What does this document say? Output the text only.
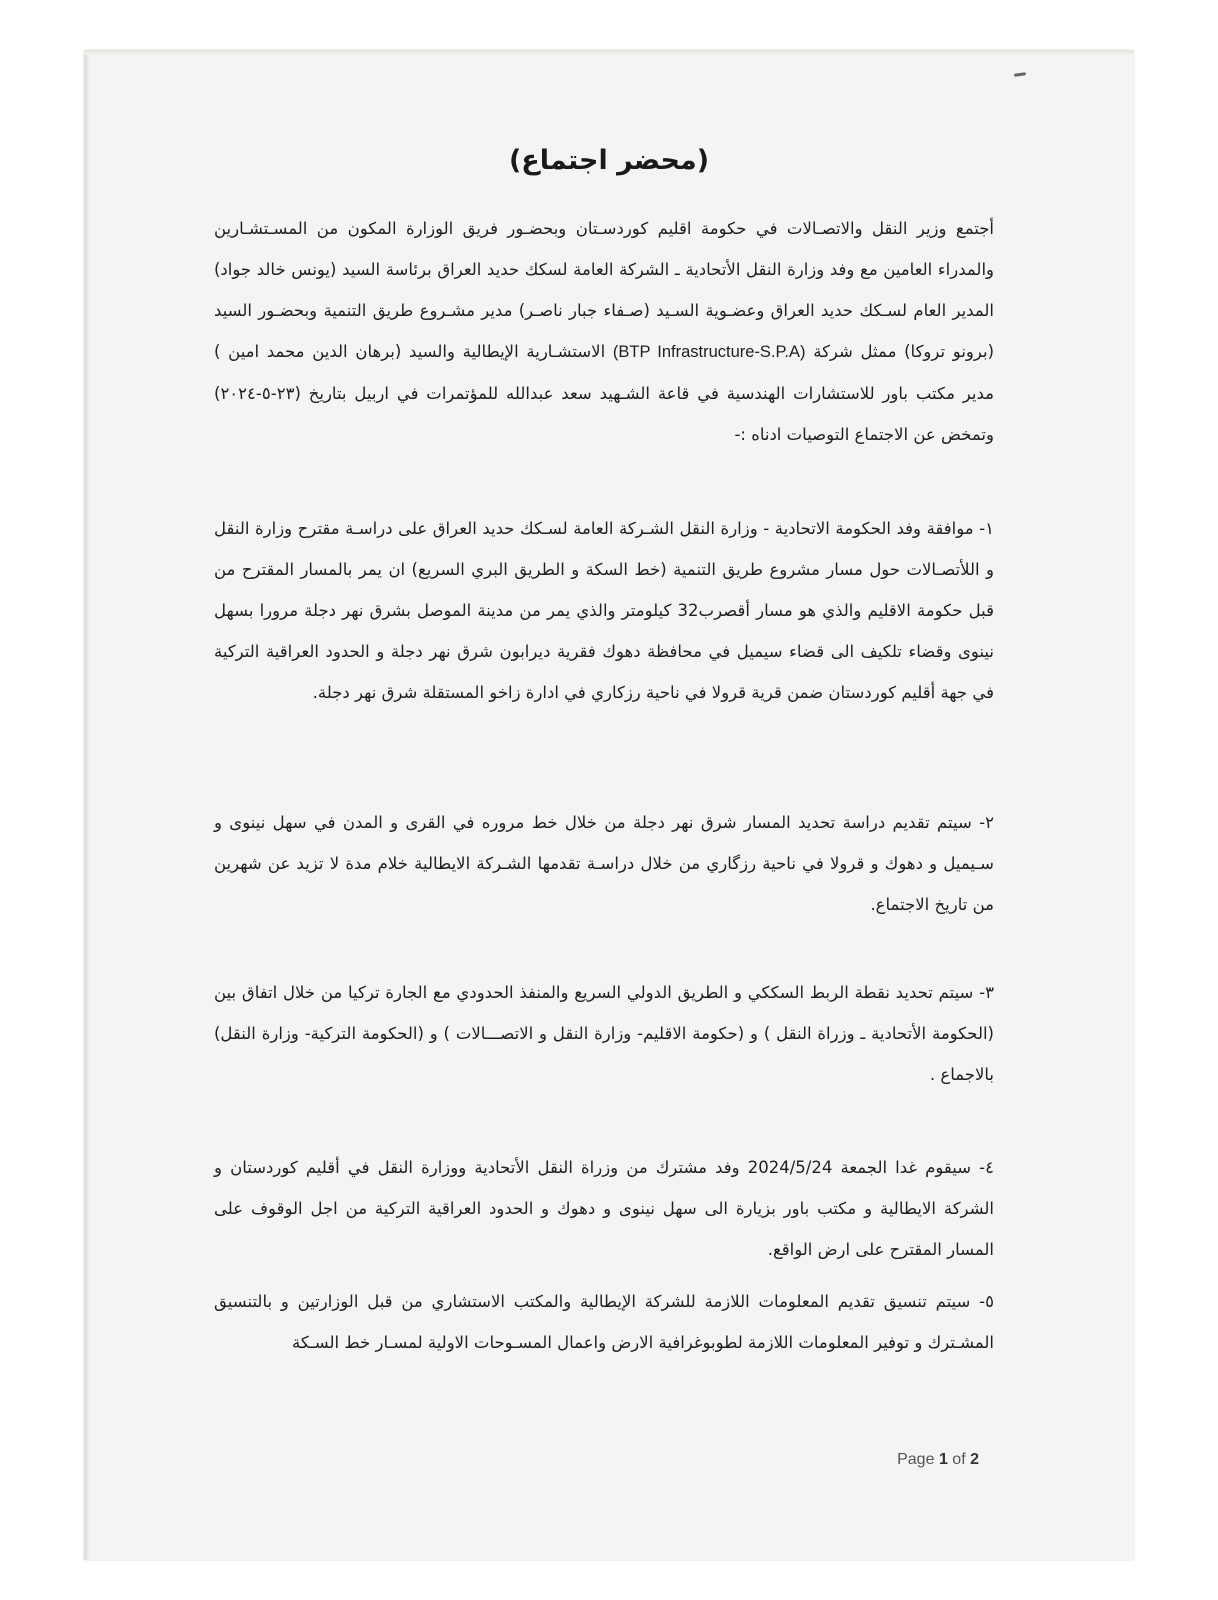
(محضر اجتماع)
أجتمع وزير النقل والاتصـالات في حكومة اقليم كوردسـتان وبحضـور فريق الوزارة المكون من المسـتشـارين والمدراء العامين مع وفد وزارة النقل الأتحادية ـ الشركة العامة لسكك حديد العراق برئاسة السيد (يونس خالد جواد) المدير العام لسـكك حديد العراق وعضـوية السـيد (صـفاء جبار ناصـر) مدير مشـروع طريق التنمية وبحضـور السيد (برونو تروكا) ممثل شركة (BTP Infrastructure-S.P.A) الاستشـارية الإيطالية والسيد (برهان الدين محمد امين ) مدير مكتب باور للاستشارات الهندسية في قاعة الشـهيد سعد عبدالله للمؤتمرات في اربيل بتاريخ (٢٣-٥-٢٠٢٤) وتمخض عن الاجتماع التوصيات ادناه :-
١- موافقة وفد الحكومة الاتحادية - وزارة النقل الشـركة العامة لسـكك حديد العراق على دراسـة مقترح وزارة النقل و اللأتصـالات حول مسار مشروع طريق التنمية (خط السكة و الطريق البري السريع) ان يمر بالمسار المقترح من قبل حكومة الاقليم والذي هو مسار أقصرب32 كيلومتر والذي يمر من مدينة الموصل بشرق نهر دجلة مرورا بسهل نينوى وقضاء تلكيف الى قضاء سيميل في محافظة دهوك فقرية ديرابون شرق نهر دجلة و الحدود العراقية التركية في جهة أقليم كوردستان ضمن قرية قرولا في ناحية رزكاري في ادارة زاخو المستقلة شرق نهر دجلة.
٢- سيتم تقديم دراسة تحديد المسار شرق نهر دجلة من خلال خط مروره في القرى و المدن في سهل نينوى و سـيميل و دهوك و قرولا في ناحية رزگاري من خلال دراسـة تقدمها الشـركة الايطالية خلام مدة لا تزيد عن شهرين من تاريخ الاجتماع.
٣- سيتم تحديد نقطة الربط السككي و الطريق الدولي السريع والمنفذ الحدودي مع الجارة تركيا من خلال اتفاق بين (الحكومة الأتحادية ـ وزراة النقل ) و (حكومة الاقليم- وزارة النقل و الاتصـــالات ) و (الحكومة التركية- وزارة النقل) بالاجماع .
٤- سيقوم غدا الجمعة 2024/5/24 وفد مشترك من وزراة النقل الأتحادية ووزارة النقل في أقليم كوردستان و الشركة الايطالية و مكتب باور بزيارة الى سهل نينوى و دهوك و الحدود العراقية التركية من اجل الوقوف على المسار المقترح على ارض الواقع.
٥- سيتم تنسيق تقديم المعلومات اللازمة للشركة الإيطالية والمكتب الاستشاري من قبل الوزارتين و بالتنسيق المشـترك و توفير المعلومات اللازمة لطوبوغرافية الارض واعمال المسـوحات الاولية لمسـار خط السـكة
Page 1 of 2
